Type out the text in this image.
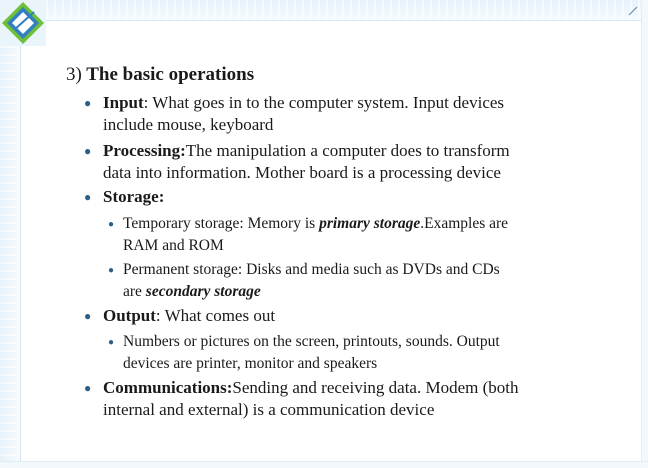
3) The basic operations
● Input: What goes in to the computer system. Input devices
include mouse, keyboard
● Processing:The manipulation a computer does to transform
data into information. Mother board is a processing device
● Storage:
● Temporary storage: Memory is primary storage.Examples are
RAM and ROM
● Permanent storage: Disks and media such as DVDs and CDs
are secondary storage
● Output: What comes out
● Numbers or pictures on the screen, printouts, sounds. Output
devices are printer, monitor and speakers
● Communications:Sending and receiving data. Modem (both
internal and external) is a communication device
